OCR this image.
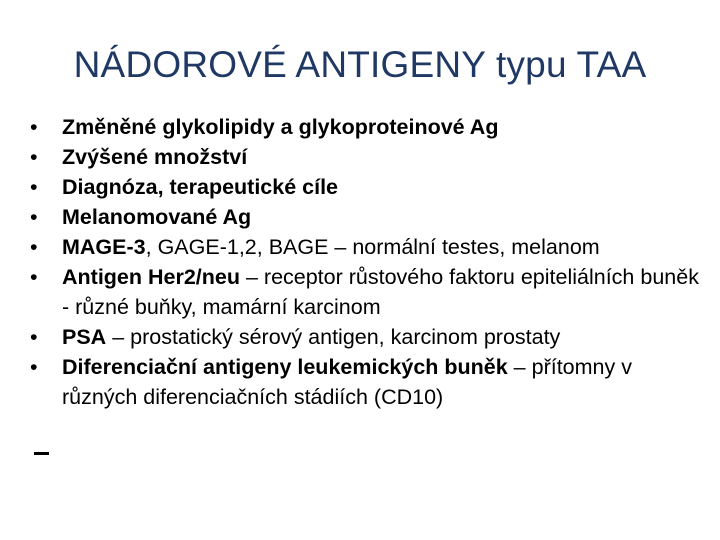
NÁDOROVÉ ANTIGENY typu TAA
•	Změněné glykolipidy a glykoproteinové Ag
•	Zvýšené množství
•	Diagnóza, terapeutické cíle
•	Melanomované Ag
•	MAGE-3, GAGE-1,2, BAGE – normální testes, melanom
•	Antigen Her2/neu – receptor růstového faktoru epiteliálních buněk - různé buňky, mamární karcinom
•	PSA – prostatický sérový antigen, karcinom prostaty
•	Diferenciační antigeny leukemických buněk – přítomny v různých diferenciačních stádiích (CD10)
